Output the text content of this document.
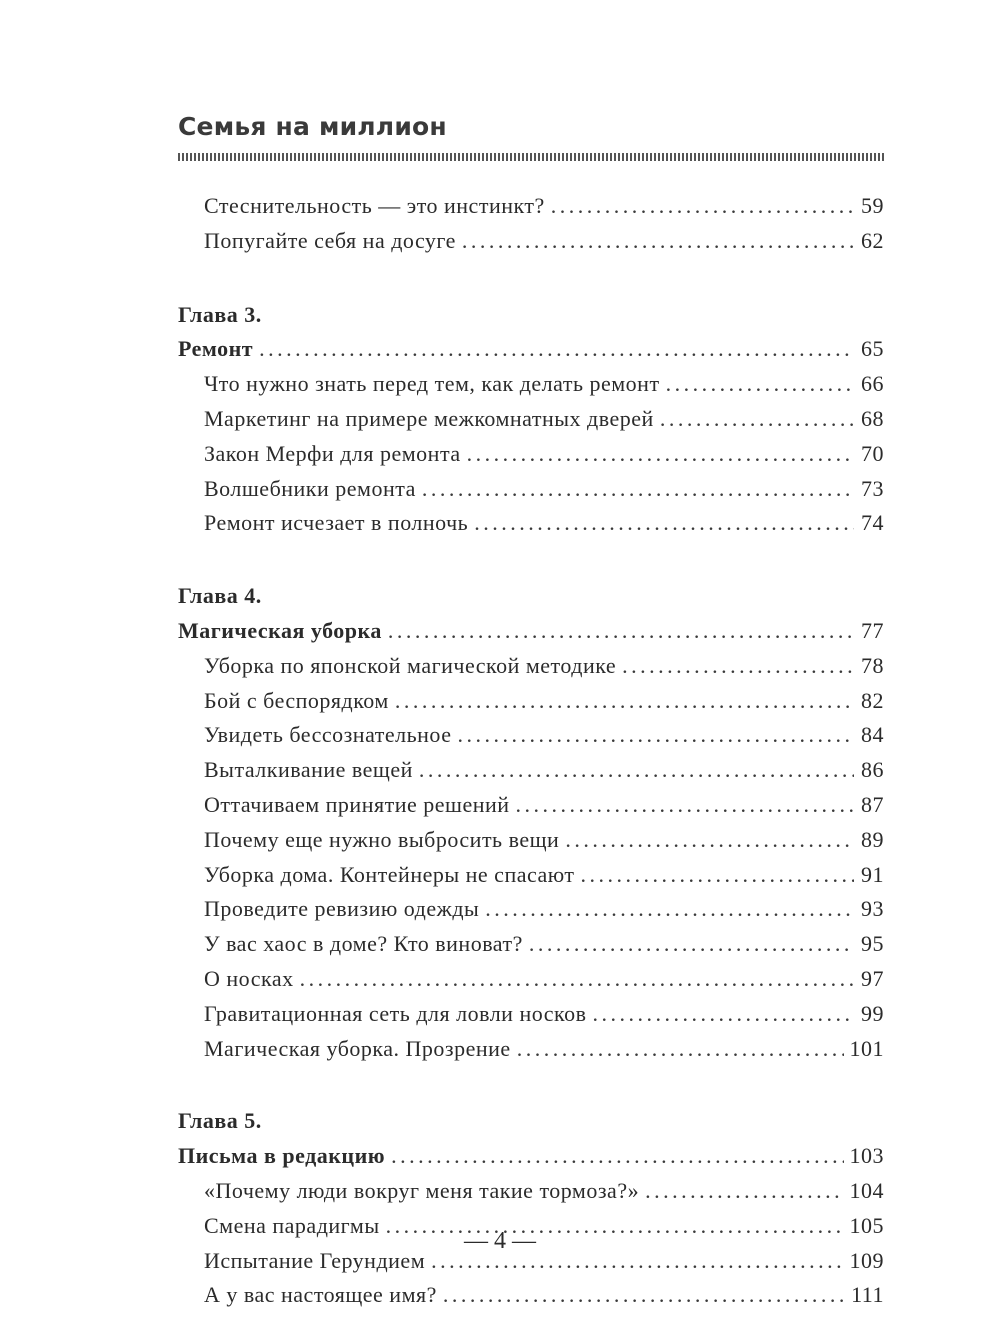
Семья на миллион
Стеснительность — это инстинкт? .....	59
Попугайте себя на досуге .....	62
Глава 3.
Ремонт .....	65
Что нужно знать перед тем, как делать ремонт .....	66
Маркетинг на примере межкомнатных дверей .....	68
Закон Мерфи для ремонта .....	70
Волшебники ремонта .....	73
Ремонт исчезает в полночь .....	74
Глава 4.
Магическая уборка .....	77
Уборка по японской магической методике .....	78
Бой с беспорядком .....	82
Увидеть бессознательное .....	84
Выталкивание вещей .....	86
Оттачиваем принятие решений .....	87
Почему еще нужно выбросить вещи .....	89
Уборка дома. Контейнеры не спасают .....	91
Проведите ревизию одежды .....	93
У вас хаос в доме? Кто виноват? .....	95
О носках .....	97
Гравитационная сеть для ловли носков .....	99
Магическая уборка. Прозрение .....	101
Глава 5.
Письма в редакцию .....	103
«Почему люди вокруг меня такие тормоза?» .....	104
Смена парадигмы .....	105
Испытание Герундием .....	109
А у вас настоящее имя? .....	111
— 4 —
